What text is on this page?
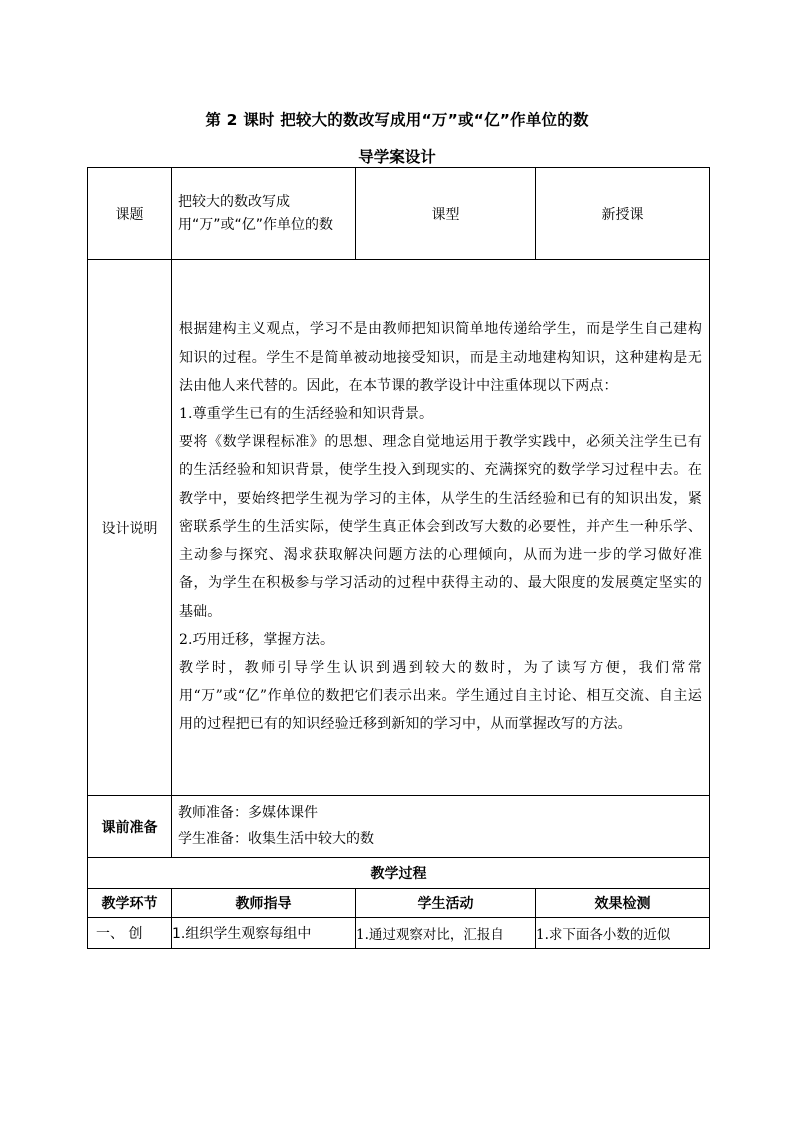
第 2 课时 把较大的数改写成用“万”或“亿”作单位的数
导学案设计
课题	把较大的数改写成用“万”或“亿”作单位的数	课型	新授课
设计说明	根据建构主义观点，学习不是由教师把知识简单地传递给学生，而是学生自己建构知识的过程。学生不是简单被动地接受知识，而是主动地建构知识，这种建构是无法由他人来代替的。因此，在本节课的教学设计中注重体现以下两点：

1.尊重学生已有的生活经验和知识背景。

要将《数学课程标准》的思想、理念自觉地运用于教学实践中，必须关注学生已有的生活经验和知识背景，使学生投入到现实的、充满探究的数学学习过程中去。在教学中，要始终把学生视为学习的主体，从学生的生活经验和已有的知识出发，紧密联系学生的生活实际，使学生真正体会到改写大数的必要性，并产生一种乐学、主动参与探究、渴求获取解决问题方法的心理倾向，从而为进一步的学习做好准备，为学生在积极参与学习活动的过程中获得主动的、最大限度的发展奠定坚实的基础。

2.巧用迁移，掌握方法。

教学时，教师引导学生认识到遇到较大的数时，为了读写方便，我们常常用“万”或“亿”作单位的数把它们表示出来。学生通过自主讨论、相互交流、自主运用的过程把已有的知识经验迁移到新知的学习中，从而掌握改写的方法。		

课前准备	教师准备：多媒体课件
学生准备：收集生活中较大的数		

教学过程			
教学环节	教师指导	学生活动	效果检测
一、 创	1.组织学生观察每组中	1.通过观察对比，汇报自	1.求下面各小数的近似
